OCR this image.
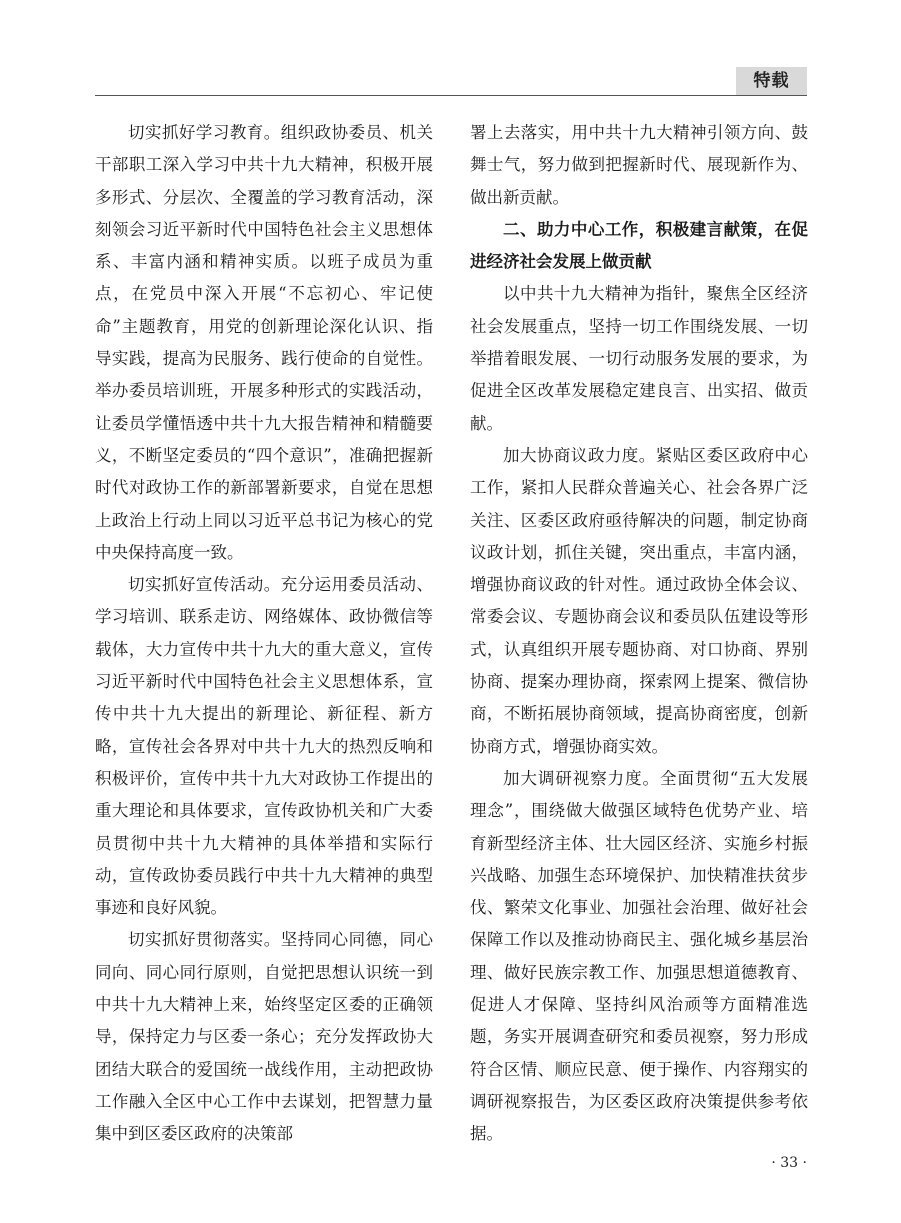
特载

切实抓好学习教育。组织政协委员、机关干部职工深入学习中共十九大精神，积极开展多形式、分层次、全覆盖的学习教育活动，深刻领会习近平新时代中国特色社会主义思想体系、丰富内涵和精神实质。以班子成员为重点，在党员中深入开展“不忘初心、牢记使命”主题教育，用党的创新理论深化认识、指导实践，提高为民服务、践行使命的自觉性。举办委员培训班，开展多种形式的实践活动，让委员学懂悟透中共十九大报告精神和精髓要义，不断坚定委员的“四个意识”，准确把握新时代对政协工作的新部署新要求，自觉在思想上政治上行动上同以习近平总书记为核心的党中央保持高度一致。

切实抓好宣传活动。充分运用委员活动、学习培训、联系走访、网络媒体、政协微信等载体，大力宣传中共十九大的重大意义，宣传习近平新时代中国特色社会主义思想体系，宣传中共十九大提出的新理论、新征程、新方略，宣传社会各界对中共十九大的热烈反响和积极评价，宣传中共十九大对政协工作提出的重大理论和具体要求，宣传政协机关和广大委员贯彻中共十九大精神的具体举措和实际行动，宣传政协委员践行中共十九大精神的典型事迹和良好风貌。

切实抓好贯彻落实。坚持同心同德，同心同向、同心同行原则，自觉把思想认识统一到中共十九大精神上来，始终坚定区委的正确领导，保持定力与区委一条心；充分发挥政协大团结大联合的爱国统一战线作用，主动把政协工作融入全区中心工作中去谋划，把智慧力量集中到区委区政府的决策部

署上去落实，用中共十九大精神引领方向、鼓舞士气，努力做到把握新时代、展现新作为、做出新贡献。

二、助力中心工作，积极建言献策，在促进经济社会发展上做贡献

以中共十九大精神为指针，聚焦全区经济社会发展重点，坚持一切工作围绕发展、一切举措着眼发展、一切行动服务发展的要求，为促进全区改革发展稳定建良言、出实招、做贡献。

加大协商议政力度。紧贴区委区政府中心工作，紧扣人民群众普遍关心、社会各界广泛关注、区委区政府亟待解决的问题，制定协商议政计划，抓住关键，突出重点，丰富内涵，增强协商议政的针对性。通过政协全体会议、常委会议、专题协商会议和委员队伍建设等形式，认真组织开展专题协商、对口协商、界别协商、提案办理协商，探索网上提案、微信协商，不断拓展协商领域，提高协商密度，创新协商方式，增强协商实效。

加大调研视察力度。全面贯彻“五大发展理念”，围绕做大做强区域特色优势产业、培育新型经济主体、壮大园区经济、实施乡村振兴战略、加强生态环境保护、加快精准扶贫步伐、繁荣文化事业、加强社会治理、做好社会保障工作以及推动协商民主、强化城乡基层治理、做好民族宗教工作、加强思想道德教育、促进人才保障、坚持纠风治顽等方面精准选题，务实开展调查研究和委员视察，努力形成符合区情、顺应民意、便于操作、内容翔实的调研视察报告，为区委区政府决策提供参考依据。

· 33 ·
